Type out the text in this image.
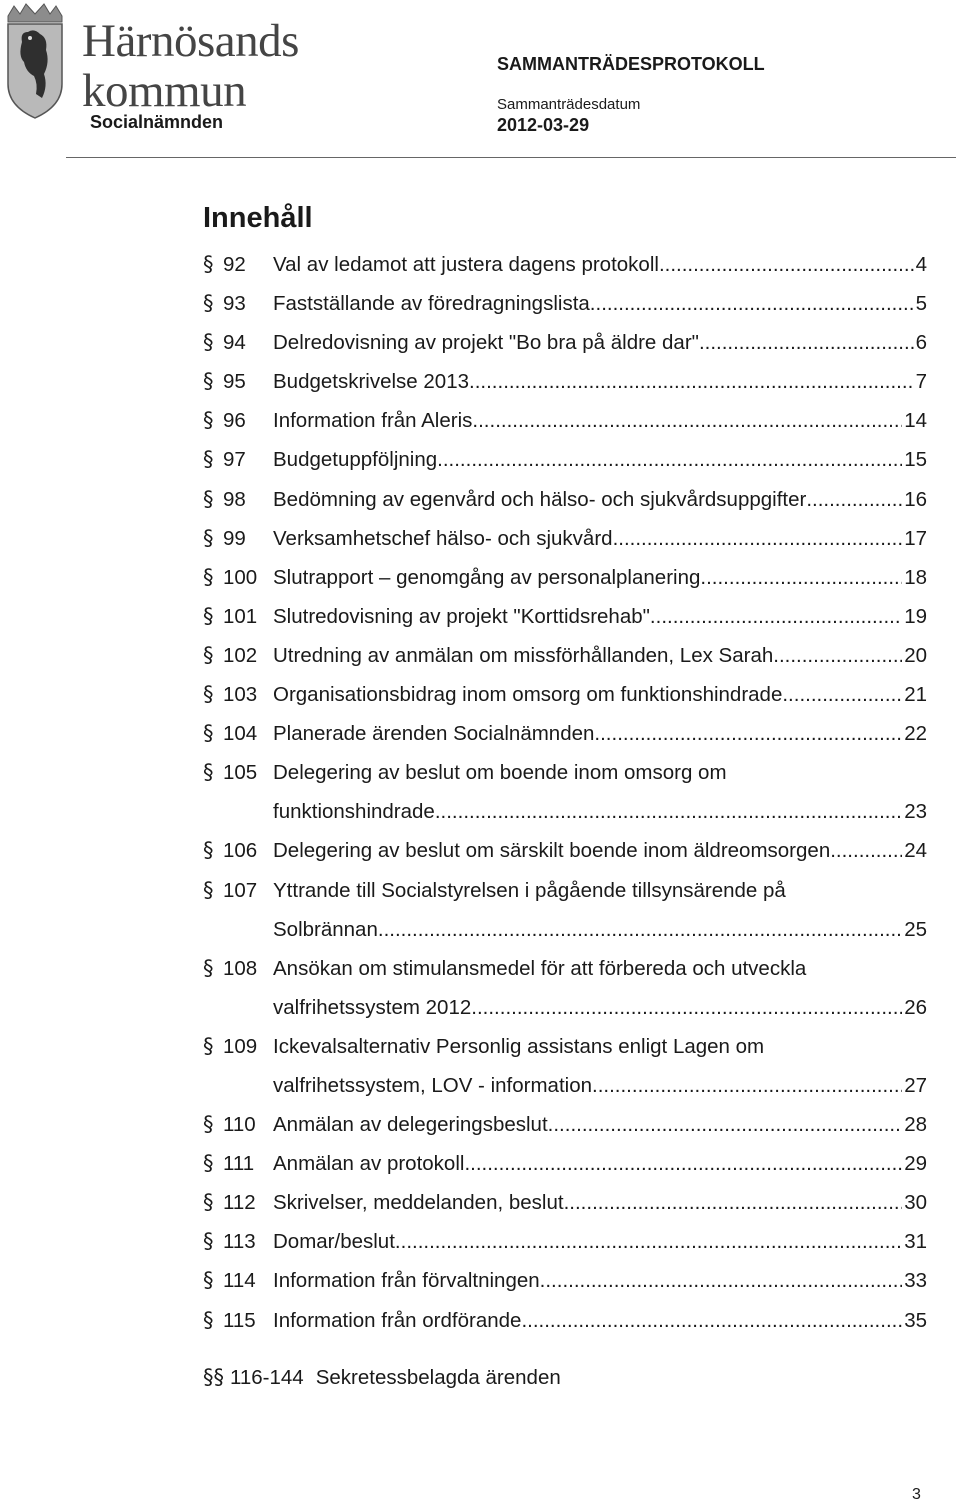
Härnösands
kommun
Socialnämnden
SAMMANTRÄDESPROTOKOLL
Sammanträdesdatum
2012-03-29
Innehåll
§ 92	Val av ledamot att justera dagens protokoll .....	4
§ 93	Fastställande av föredragningslista .....	5
§ 94	Delredovisning av projekt "Bo bra på äldre dar" .....	6
§ 95	Budgetskrivelse 2013 .....	7
§ 96	Information från Aleris .....	14
§ 97	Budgetuppföljning .....	15
§ 98	Bedömning av egenvård och hälso- och sjukvårdsuppgifter .....	16
§ 99	Verksamhetschef hälso- och sjukvård .....	17
§ 100 Slutrapport – genomgång av personalplanering .....	18
§ 101 Slutredovisning av projekt "Korttidsrehab" .....	19
§ 102 Utredning av anmälan om missförhållanden, Lex Sarah .....	20
§ 103 Organisationsbidrag inom omsorg om funktionshindrade .....	21
§ 104 Planerade ärenden Socialnämnden .....	22
§ 105 Delegering av beslut om boende inom omsorg om
funktionshindrade .....	23
§ 106 Delegering av beslut om särskilt boende inom äldreomsorgen .....	24
§ 107 Yttrande till Socialstyrelsen i pågående tillsynsärende på
Solbrännan .....	25
§ 108 Ansökan om stimulansmedel för att förbereda och utveckla
valfrihetssystem 2012 .....	26
§ 109 Ickevalsalternativ Personlig assistans enligt Lagen om
valfrihetssystem, LOV - information .....	27
§ 110 Anmälan av delegeringsbeslut .....	28
§ 111 Anmälan av protokoll .....	29
§ 112 Skrivelser, meddelanden, beslut .....	30
§ 113 Domar/beslut .....	31
§ 114 Information från förvaltningen .....	33
§ 115 Information från ordförande .....	35
§§ 116-144 Sekretessbelagda ärenden
3
